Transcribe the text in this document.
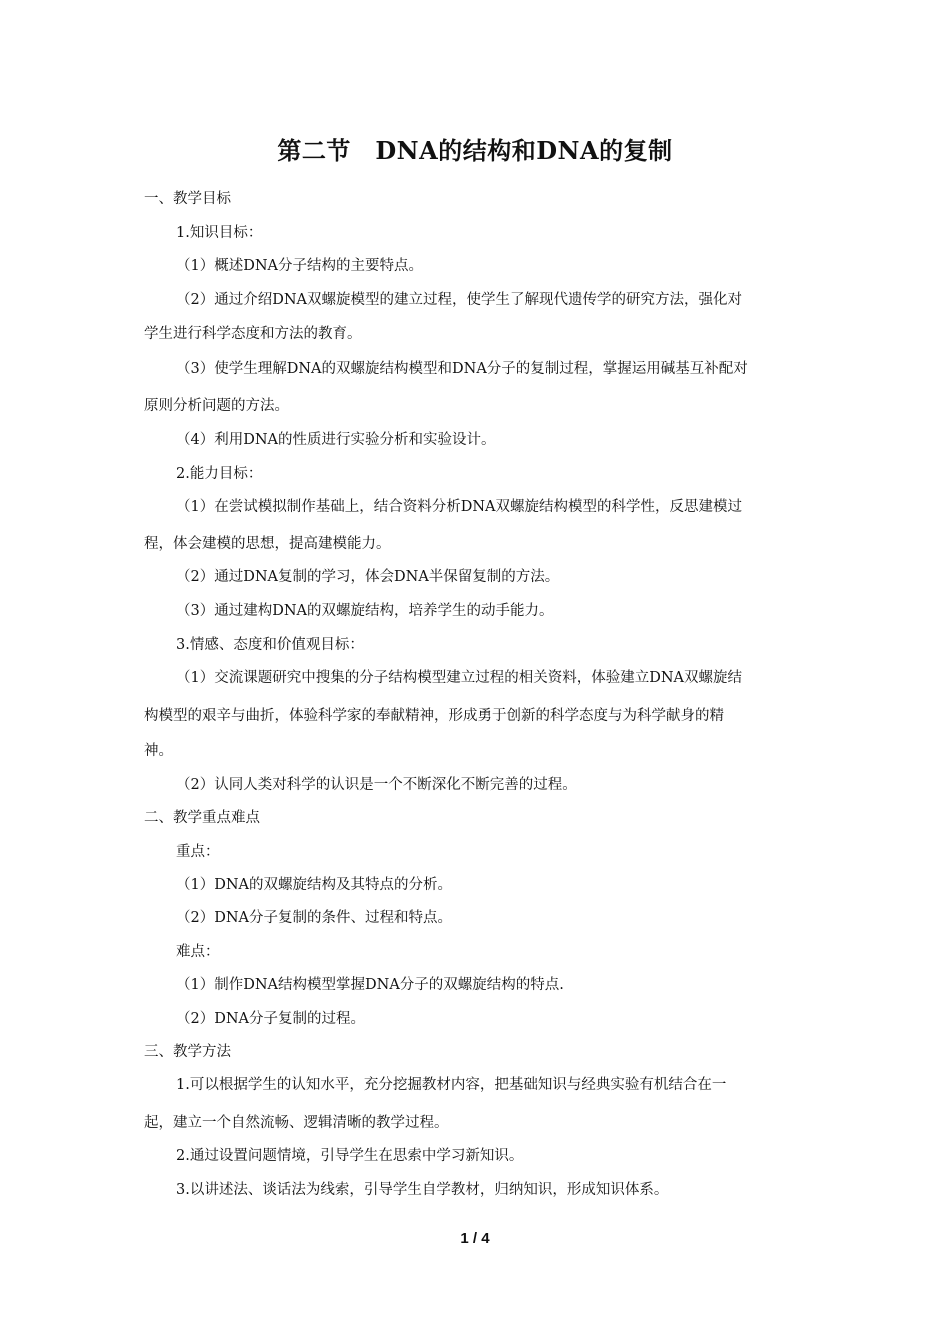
第二节　DNA的结构和DNA的复制
一、教学目标
1.知识目标：
（1）概述DNA分子结构的主要特点。
（2）通过介绍DNA双螺旋模型的建立过程，使学生了解现代遗传学的研究方法，强化对
学生进行科学态度和方法的教育。
（3）使学生理解DNA的双螺旋结构模型和DNA分子的复制过程，掌握运用碱基互补配对
原则分析问题的方法。
（4）利用DNA的性质进行实验分析和实验设计。
2.能力目标：
（1）在尝试模拟制作基础上，结合资料分析DNA双螺旋结构模型的科学性，反思建模过
程，体会建模的思想，提高建模能力。
（2）通过DNA复制的学习，体会DNA半保留复制的方法。
（3）通过建构DNA的双螺旋结构，培养学生的动手能力。
3.情感、态度和价值观目标：
（1）交流课题研究中搜集的分子结构模型建立过程的相关资料，体验建立DNA双螺旋结
构模型的艰辛与曲折，体验科学家的奉献精神，形成勇于创新的科学态度与为科学献身的精
神。
（2）认同人类对科学的认识是一个不断深化不断完善的过程。
二、教学重点难点
重点：
（1）DNA的双螺旋结构及其特点的分析。
（2）DNA分子复制的条件、过程和特点。
难点：
（1）制作DNA结构模型掌握DNA分子的双螺旋结构的特点.
（2）DNA分子复制的过程。
三、教学方法
1.可以根据学生的认知水平，充分挖掘教材内容，把基础知识与经典实验有机结合在一
起，建立一个自然流畅、逻辑清晰的教学过程。
2.通过设置问题情境，引导学生在思索中学习新知识。
3.以讲述法、谈话法为线索，引导学生自学教材，归纳知识，形成知识体系。
1 / 4
